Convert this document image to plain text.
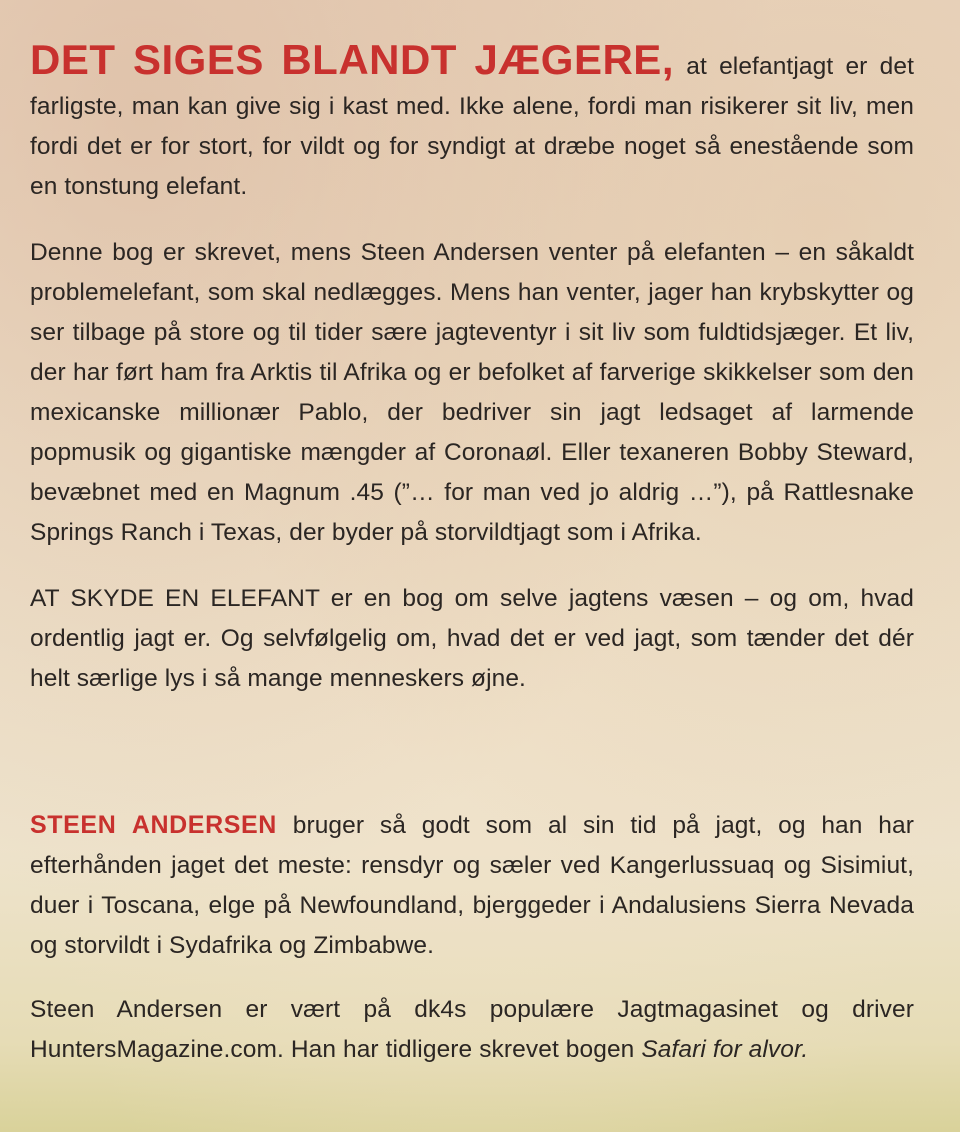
DET SIGES BLANDT JÆGERE, at elefantjagt er det farligste, man kan give sig i kast med. Ikke alene, fordi man risikerer sit liv, men fordi det er for stort, for vildt og for syndigt at dræbe noget så enestående som en tonstung elefant.

Denne bog er skrevet, mens Steen Andersen venter på elefanten – en såkaldt problemelefant, som skal nedlægges. Mens han venter, jager han krybskytter og ser tilbage på store og til tider sære jagteventyr i sit liv som fuldtidsjæger. Et liv, der har ført ham fra Arktis til Afrika og er befolket af farverige skikkelser som den mexicanske millionær Pablo, der bedriver sin jagt ledsaget af larmende popmusik og gigantiske mængder af Coronaøl. Eller texaneren Bobby Steward, bevæbnet med en Magnum .45 (”… for man ved jo aldrig …”), på Rattlesnake Springs Ranch i Texas, der byder på storvildtjagt som i Afrika.

AT SKYDE EN ELEFANT er en bog om selve jagtens væsen – og om, hvad ordentlig jagt er. Og selvfølgelig om, hvad det er ved jagt, som tænder det dér helt særlige lys i så mange menneskers øjne.

STEEN ANDERSEN bruger så godt som al sin tid på jagt, og han har efterhånden jaget det meste: rensdyr og sæler ved Kangerlussuaq og Sisimiut, duer i Toscana, elge på Newfoundland, bjerggeder i Andalusiens Sierra Nevada og storvildt i Sydafrika og Zimbabwe.

Steen Andersen er vært på dk4s populære Jagtmagasinet og driver HuntersMagazine.com. Han har tidligere skrevet bogen Safari for alvor.
